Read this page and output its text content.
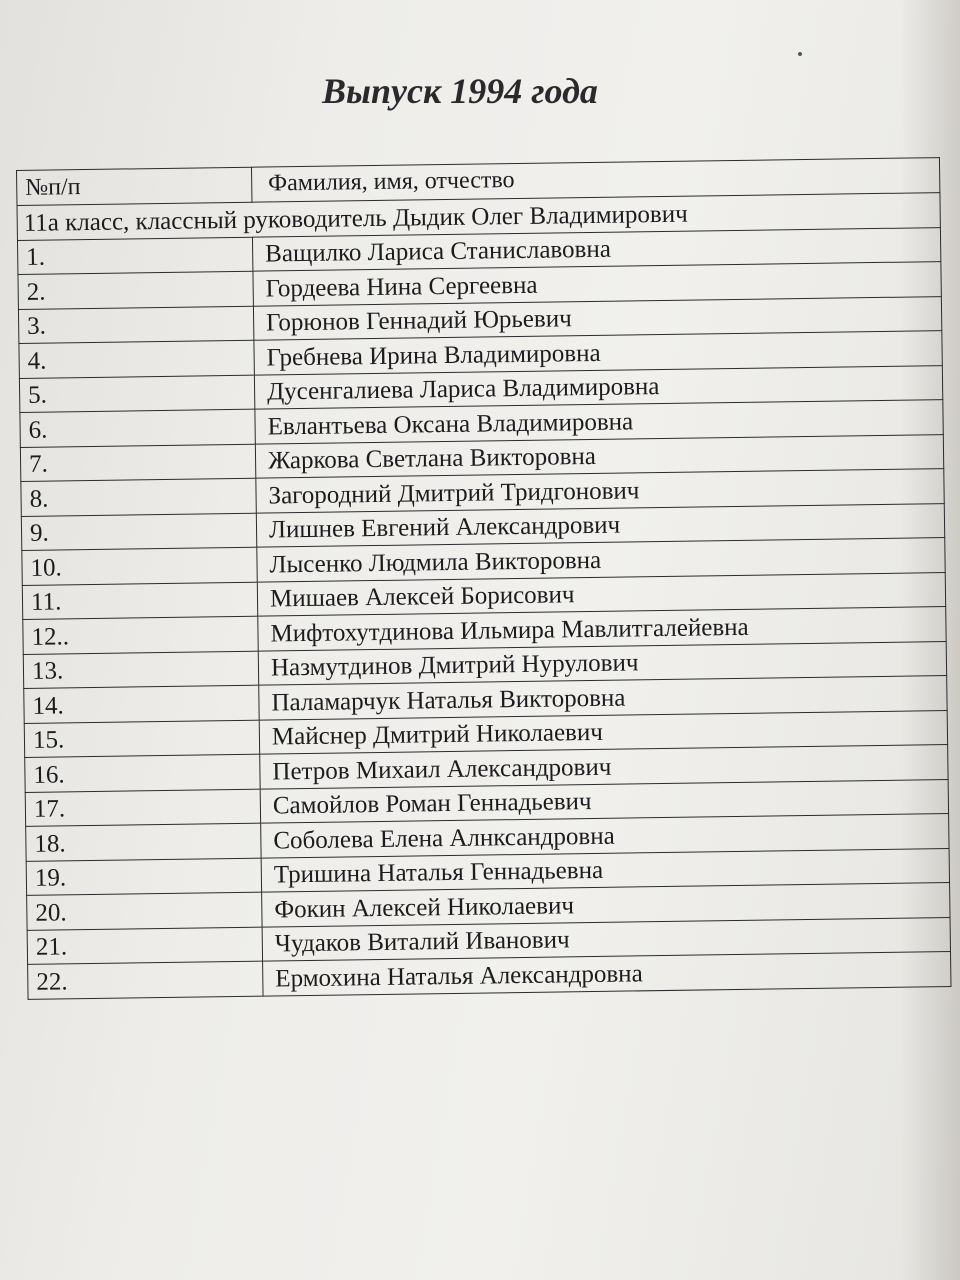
Выпуск 1994 года
№п/п	Фамилия, имя, отчество
11а класс, классный руководитель Дыдик Олег Владимирович	
1.	Ващилко Лариса Станиславовна
2.	Гордеева Нина Сергеевна
3.	Горюнов Геннадий Юрьевич
4.	Гребнева Ирина Владимировна
5.	Дусенгалиева Лариса Владимировна
6.	Евлантьева Оксана Владимировна
7.	Жаркова Светлана Викторовна
8.	Загородний Дмитрий Тридгонович
9.	Лишнев Евгений Александрович
10.	Лысенко Людмила Викторовна
11.	Мишаев Алексей Борисович
12..	Мифтохутдинова Ильмира Мавлитгалейевна
13.	Назмутдинов Дмитрий Нурулович
14.	Паламарчук Наталья Викторовна
15.	Майснер Дмитрий Николаевич
16.	Петров Михаил Александрович
17.	Самойлов Роман Геннадьевич
18.	Соболева Елена Алнксандровна
19.	Тришина Наталья Геннадьевна
20.	Фокин Алексей Николаевич
21.	Чудаков Виталий Иванович
22.	Ермохина Наталья Александровна
